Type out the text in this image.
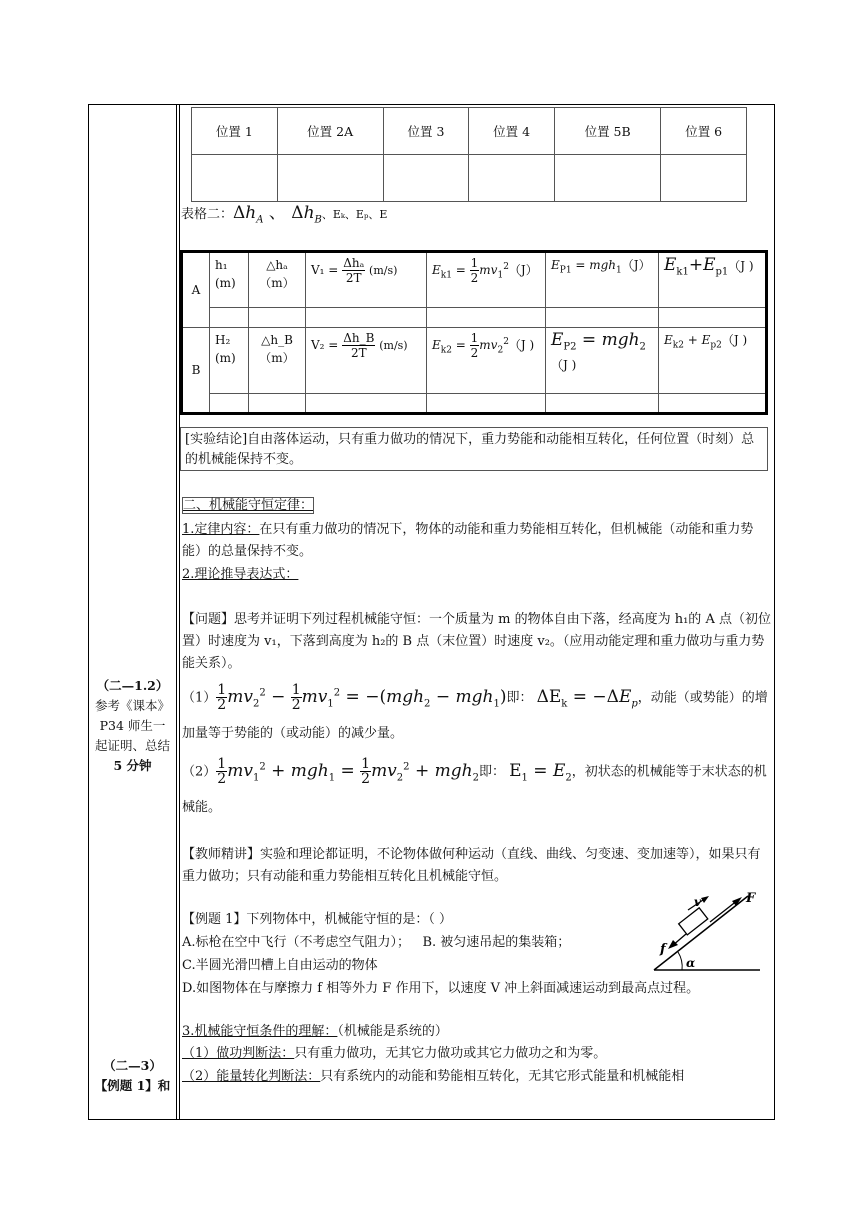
（二—1.2）
参考《课本》
P34 师生一
起证明、总结
5 分钟
（二—3）
【例题 1】和
位置 1	位置 2A	位置 3	位置 4	位置 5B	位置 6

表格二：$\Delta h_A$ 、 $\Delta h_B$、Eₖ、Eₚ、E
A	h₁ (m)	△hₐ （m）	$V_1 = \frac{\text{Δhₐ}}{2T} (m/s)$	$E_{k1} = \frac{1}{2} mv_1^2(J)$	$E_{P1} = mgh_1(J)$	$E_{k1}+E_{p1}(J$ )

B	H₂ (m)	△h_B （m）	$V_2 = \frac{\Delta h\_B}{2T} (m/s)$	$E_{k2} = \frac{1}{2} mv_2^2(J$ )	$E_{P2} = mgh_2(J$ )	$E_{k2} + E_{p2}(J$ )

[实验结论]自由落体运动，只有重力做功的情况下，重力势能和动能相互转化，任何位置（时刻）总的机械能保持不变。
二、机械能守恒定律：
1.定律内容：在只有重力做功的情况下，物体的动能和重力势能相互转化，但机械能（动能和重力势能）的总量保持不变。
2.理论推导表达式：
【问题】思考并证明下列过程机械能守恒：一个质量为 m 的物体自由下落，经高度为 h₁的 A 点（初位置）时速度为 v₁，下落到高度为 h₂的 B 点（末位置）时速度 v₂。（应用动能定理和重力做功与重力势能关系）。
$(1) \frac{1}{2} mv_2^2 - \frac{1}{2} mv_1^2 = -(mgh_2 - mgh_1)$即： $\Delta E_k = -\Delta E_p$，动能（或势能）的增加量等于势能的（或动能）的减少量。
$(2) \frac{1}{2} mv_1^2 + mgh_1 = \frac{1}{2} mv_2^2 + mgh_2$即： $E_1 = E_2$，初状态的机械能等于末状态的机械能。
【教师精讲】实验和理论都证明，不论物体做何种运动（直线、曲线、匀变速、变加速等），如果只有重力做功；只有动能和重力势能相互转化且机械能守恒。
【例题 1】下列物体中，机械能守恒的是：（ ）
A.标枪在空中飞行（不考虑空气阻力）； B. 被匀速吊起的集装箱；
C.半圆光滑凹槽上自由运动的物体
D.如图物体在与摩擦力 f 相等外力 F 作用下，以速度 V 冲上斜面减速运动到最高点过程。
v	F
f
α
3.机械能守恒条件的理解：（机械能是系统的）
（1）做功判断法：只有重力做功，无其它力做功或其它力做功之和为零。
（2）能量转化判断法：只有系统内的动能和势能相互转化，无其它形式能量和机械能相
